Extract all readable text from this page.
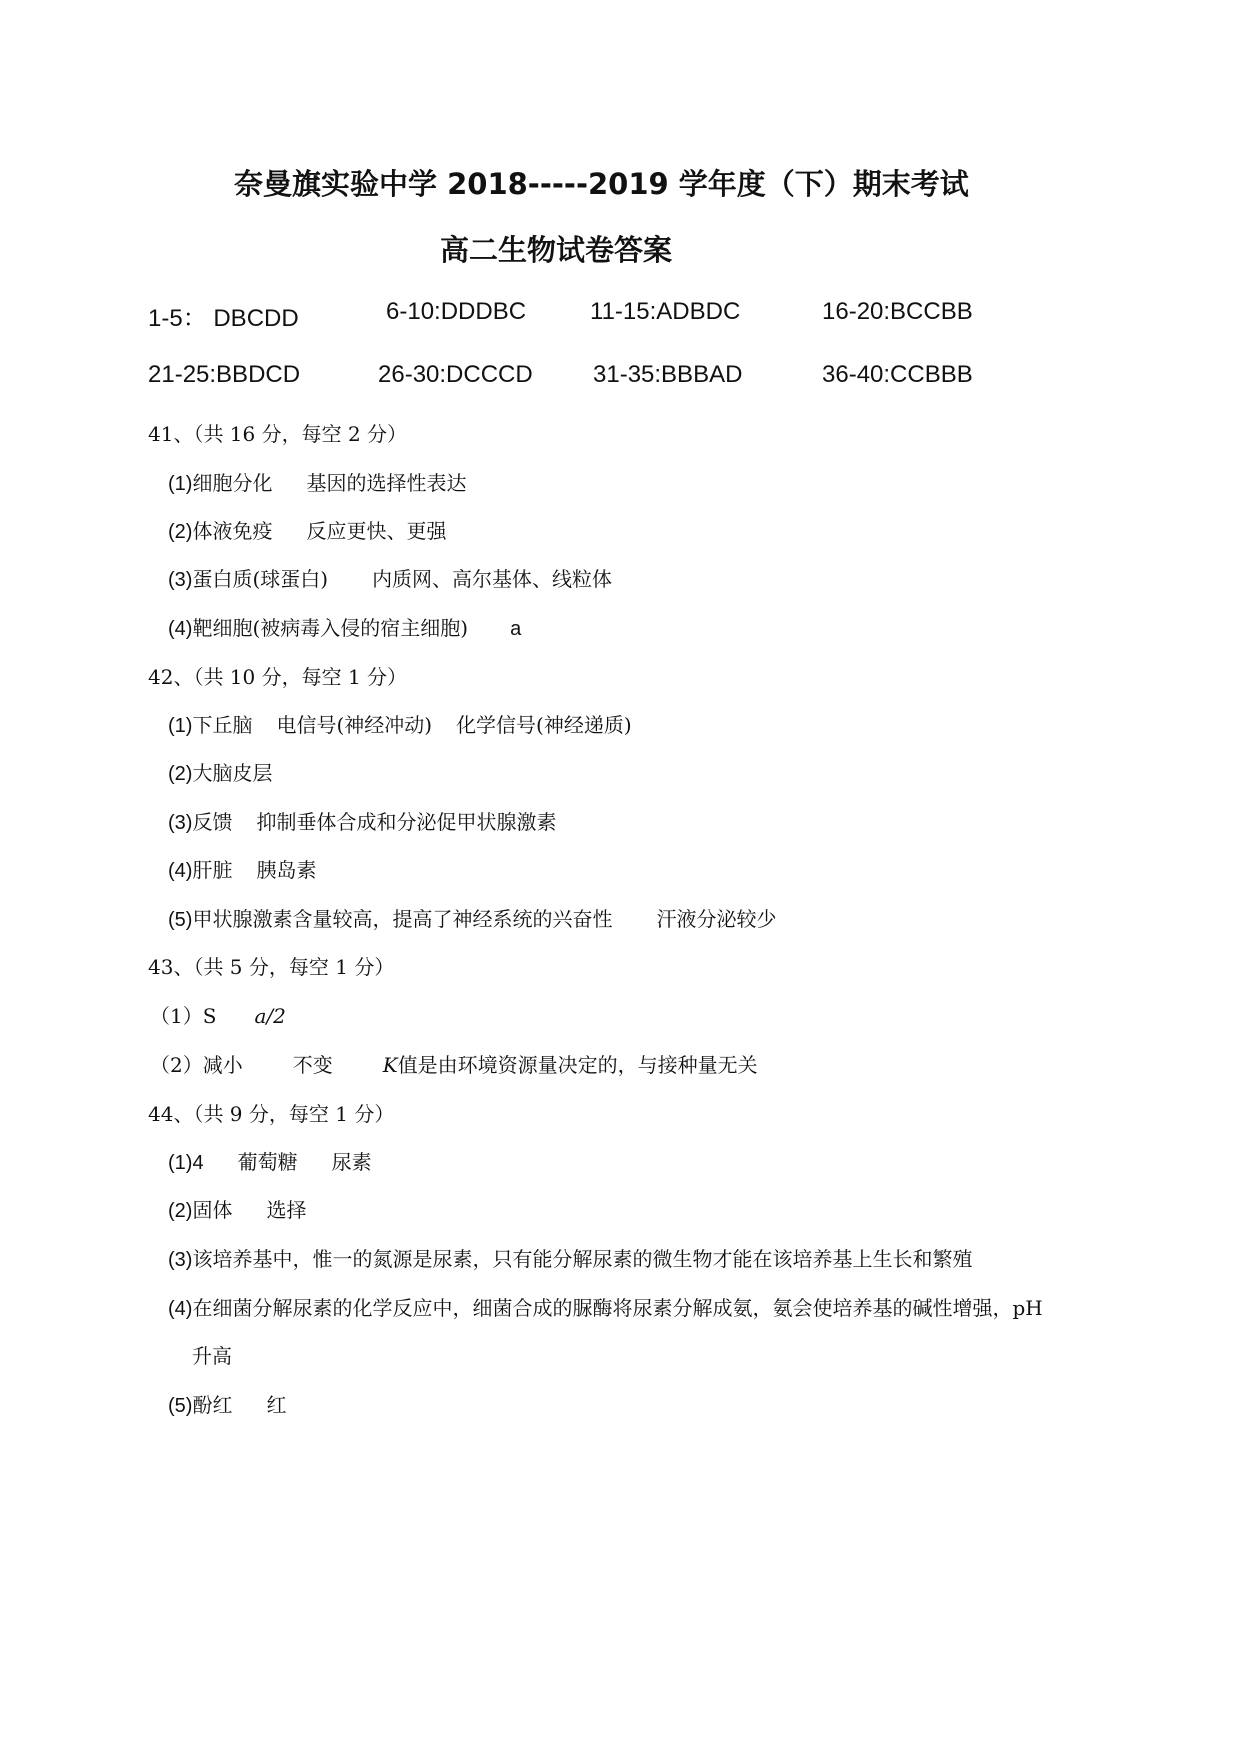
奈曼旗实验中学 2018-----2019 学年度（下）期末考试
高二生物试卷答案
1-5： DBCDD	6-10:DDDBC	11-15:ADBDC	16-20:BCCBB
21-25:BBDCD	26-30:DCCCD	31-35:BBBAD	36-40:CCBBB
41、（共 16 分，每空 2 分）
(1)细胞分化 基因的选择性表达
(2)体液免疫 反应更快、更强
(3)蛋白质(球蛋白) 内质网、高尔基体、线粒体
(4)靶细胞(被病毒入侵的宿主细胞) a
42、（共 10 分，每空 1 分）
(1)下丘脑 电信号(神经冲动) 化学信号(神经递质)
(2)大脑皮层
(3)反馈 抑制垂体合成和分泌促甲状腺激素
(4)肝脏 胰岛素
(5)甲状腺激素含量较高，提高了神经系统的兴奋性 汗液分泌较少
43、（共 5 分，每空 1 分）
（1）S a/2
（2）减小	不变	K值是由环境资源量决定的，与接种量无关
44、（共 9 分，每空 1 分）
(1)4 葡萄糖 尿素
(2)固体 选择
(3)该培养基中，惟一的氮源是尿素，只有能分解尿素的微生物才能在该培养基上生长和繁殖
(4)在细菌分解尿素的化学反应中，细菌合成的脲酶将尿素分解成氨，氨会使培养基的碱性增强，pH
升高
(5)酚红 红
